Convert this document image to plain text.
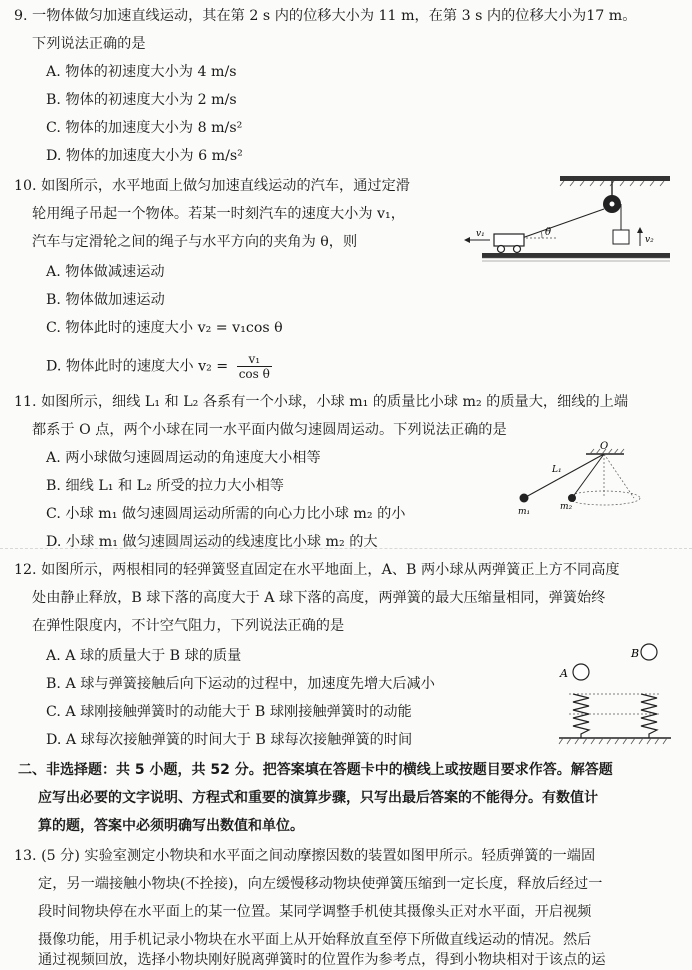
9. 一物体做匀加速直线运动，其在第 2 s 内的位移大小为 11 m，在第 3 s 内的位移大小为17 m。
下列说法正确的是
A. 物体的初速度大小为 4 m/s
B. 物体的初速度大小为 2 m/s
C. 物体的加速度大小为 8 m/s²
D. 物体的加速度大小为 6 m/s²
10. 如图所示，水平地面上做匀加速直线运动的汽车，通过定滑
轮用绳子吊起一个物体。若某一时刻汽车的速度大小为 v₁，
汽车与定滑轮之间的绳子与水平方向的夹角为 θ，则
A. 物体做减速运动
B. 物体做加速运动
C. 物体此时的速度大小 v₂ = v₁cos θ
D. 物体此时的速度大小 $v_2 = \frac{\text{v₁}}{\text{cos θ}}$
θ
v₁
v₂
11. 如图所示，细线 L₁ 和 L₂ 各系有一个小球，小球 m₁ 的质量比小球 m₂ 的质量大，细线的上端
都系于 O 点，两个小球在同一水平面内做匀速圆周运动。下列说法正确的是
A. 两小球做匀速圆周运动的角速度大小相等
B. 细线 L₁ 和 L₂ 所受的拉力大小相等
C. 小球 m₁ 做匀速圆周运动所需的向心力比小球 m₂ 的小
D. 小球 m₁ 做匀速圆周运动的线速度比小球 m₂ 的大
O
L₁
m₁	m₂
12. 如图所示，两根相同的轻弹簧竖直固定在水平地面上，A、B 两小球从两弹簧正上方不同高度
处由静止释放，B 球下落的高度大于 A 球下落的高度，两弹簧的最大压缩量相同，弹簧始终
在弹性限度内，不计空气阻力，下列说法正确的是
A. A 球的质量大于 B 球的质量
B. A 球与弹簧接触后向下运动的过程中，加速度先增大后减小
C. A 球刚接触弹簧时的动能大于 B 球刚接触弹簧时的动能
D. A 球每次接触弹簧的时间大于 B 球每次接触弹簧的时间
B
A
二、非选择题：共 5 小题，共 52 分。把答案填在答题卡中的横线上或按题目要求作答。解答题
应写出必要的文字说明、方程式和重要的演算步骤，只写出最后答案的不能得分。有数值计
算的题，答案中必须明确写出数值和单位。
13. (5 分) 实验室测定小物块和水平面之间动摩擦因数的装置如图甲所示。轻质弹簧的一端固
定，另一端接触小物块(不拴接)，向左缓慢移动物块使弹簧压缩到一定长度，释放后经过一
段时间物块停在水平面上的某一位置。某同学调整手机使其摄像头正对水平面，开启视频
摄像功能，用手机记录小物块在水平面上从开始释放直至停下所做直线运动的情况。然后
通过视频回放，选择小物块刚好脱离弹簧时的位置作为参考点，得到小物块相对于该点的运
